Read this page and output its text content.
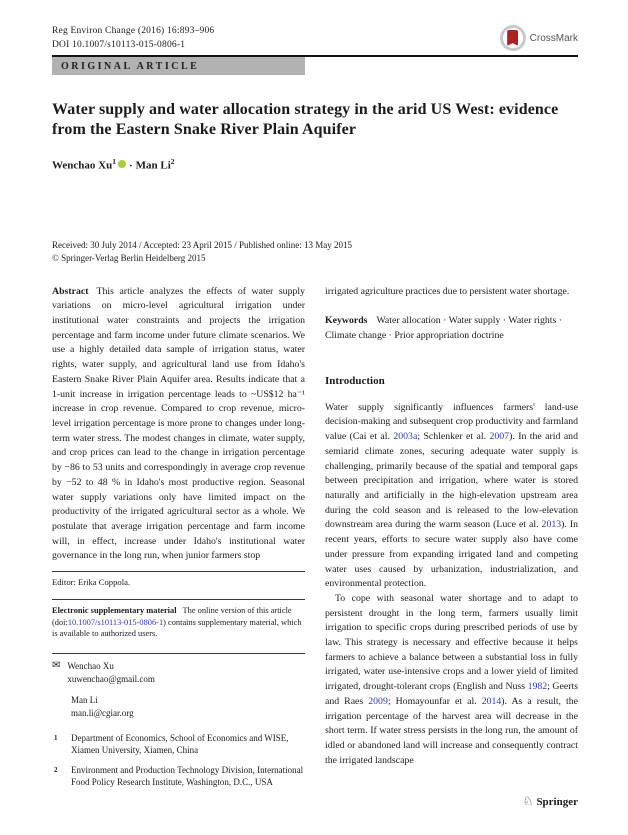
Reg Environ Change (2016) 16:893–906
DOI 10.1007/s10113-015-0806-1
CrossMark
ORIGINAL ARTICLE
Water supply and water allocation strategy in the arid US West: evidence from the Eastern Snake River Plain Aquifer
Wenchao $Xu^1$ · Man Li$^2$
Received: 30 July 2014 / Accepted: 23 April 2015 / Published online: 13 May 2015
© Springer-Verlag Berlin Heidelberg 2015

Abstract This article analyzes the effects of water supply variations on micro-level agricultural irrigation under institutional water constraints and projects the irrigation percentage and farm income under future climate scenarios. We use a highly detailed data sample of irrigation status, water rights, water supply, and agricultural land use from Idaho's Eastern Snake River Plain Aquifer area. Results indicate that a 1-unit increase in irrigation percentage leads to ~US$12 ha⁻¹ increase in crop revenue. Compared to crop revenue, micro-level irrigation percentage is more prone to changes under long-term water stress. The modest changes in climate, water supply, and crop prices can lead to the change in irrigation percentage by −86 to 53 units and correspondingly in average crop revenue by −52 to 48 % in Idaho's most productive region. Seasonal water supply variations only have limited impact on the productivity of the irrigated agricultural sector as a whole. We postulate that average irrigation percentage and farm income will, in effect, increase under Idaho's institutional water governance in the long run, when junior farmers stop

Editor: Erika Coppola.
Electronic supplementary material The online version of this article (doi:10.1007/s10113-015-0806-1) contains supplementary material, which is available to authorized users.
✉ Wenchao Xu
xuwenchao@gmail.com
Man Li
man.li@cgiar.org
1 Department of Economics, School of Economics and WISE, Xiamen University, Xiamen, China
2 Environment and Production Technology Division, International Food Policy Research Institute, Washington, D.C., USA

irrigated agriculture practices due to persistent water shortage.

Keywords Water allocation · Water supply · Water rights · Climate change · Prior appropriation doctrine

Introduction

Water supply significantly influences farmers' land-use decision-making and subsequent crop productivity and farmland value (Cai et al. 2003a; Schlenker et al. 2007). In the arid and semiarid climate zones, securing adequate water supply is challenging, primarily because of the spatial and temporal gaps between precipitation and irrigation, where water is stored naturally and artificially in the high-elevation upstream area during the cold season and is released to the low-elevation downstream area during the warm season (Luce et al. 2013). In recent years, efforts to secure water supply also have come under pressure from expanding irrigated land and competing water uses caused by urbanization, industrialization, and environmental protection.

To cope with seasonal water shortage and to adapt to persistent drought in the long term, farmers usually limit irrigation to specific crops during prescribed periods of use by law. This strategy is necessary and effective because it helps farmers to achieve a balance between a substantial loss in fully irrigated, water use-intensive crops and a lower yield of limited irrigated, drought-tolerant crops (English and Nuss 1982; Geerts and Raes 2009; Homayounfar et al. 2014). As a result, the irrigation percentage of the harvest area will decrease in the short term. If water stress persists in the long run, the amount of idled or abandoned land will increase and consequently contract the irrigated landscape

♘ Springer
